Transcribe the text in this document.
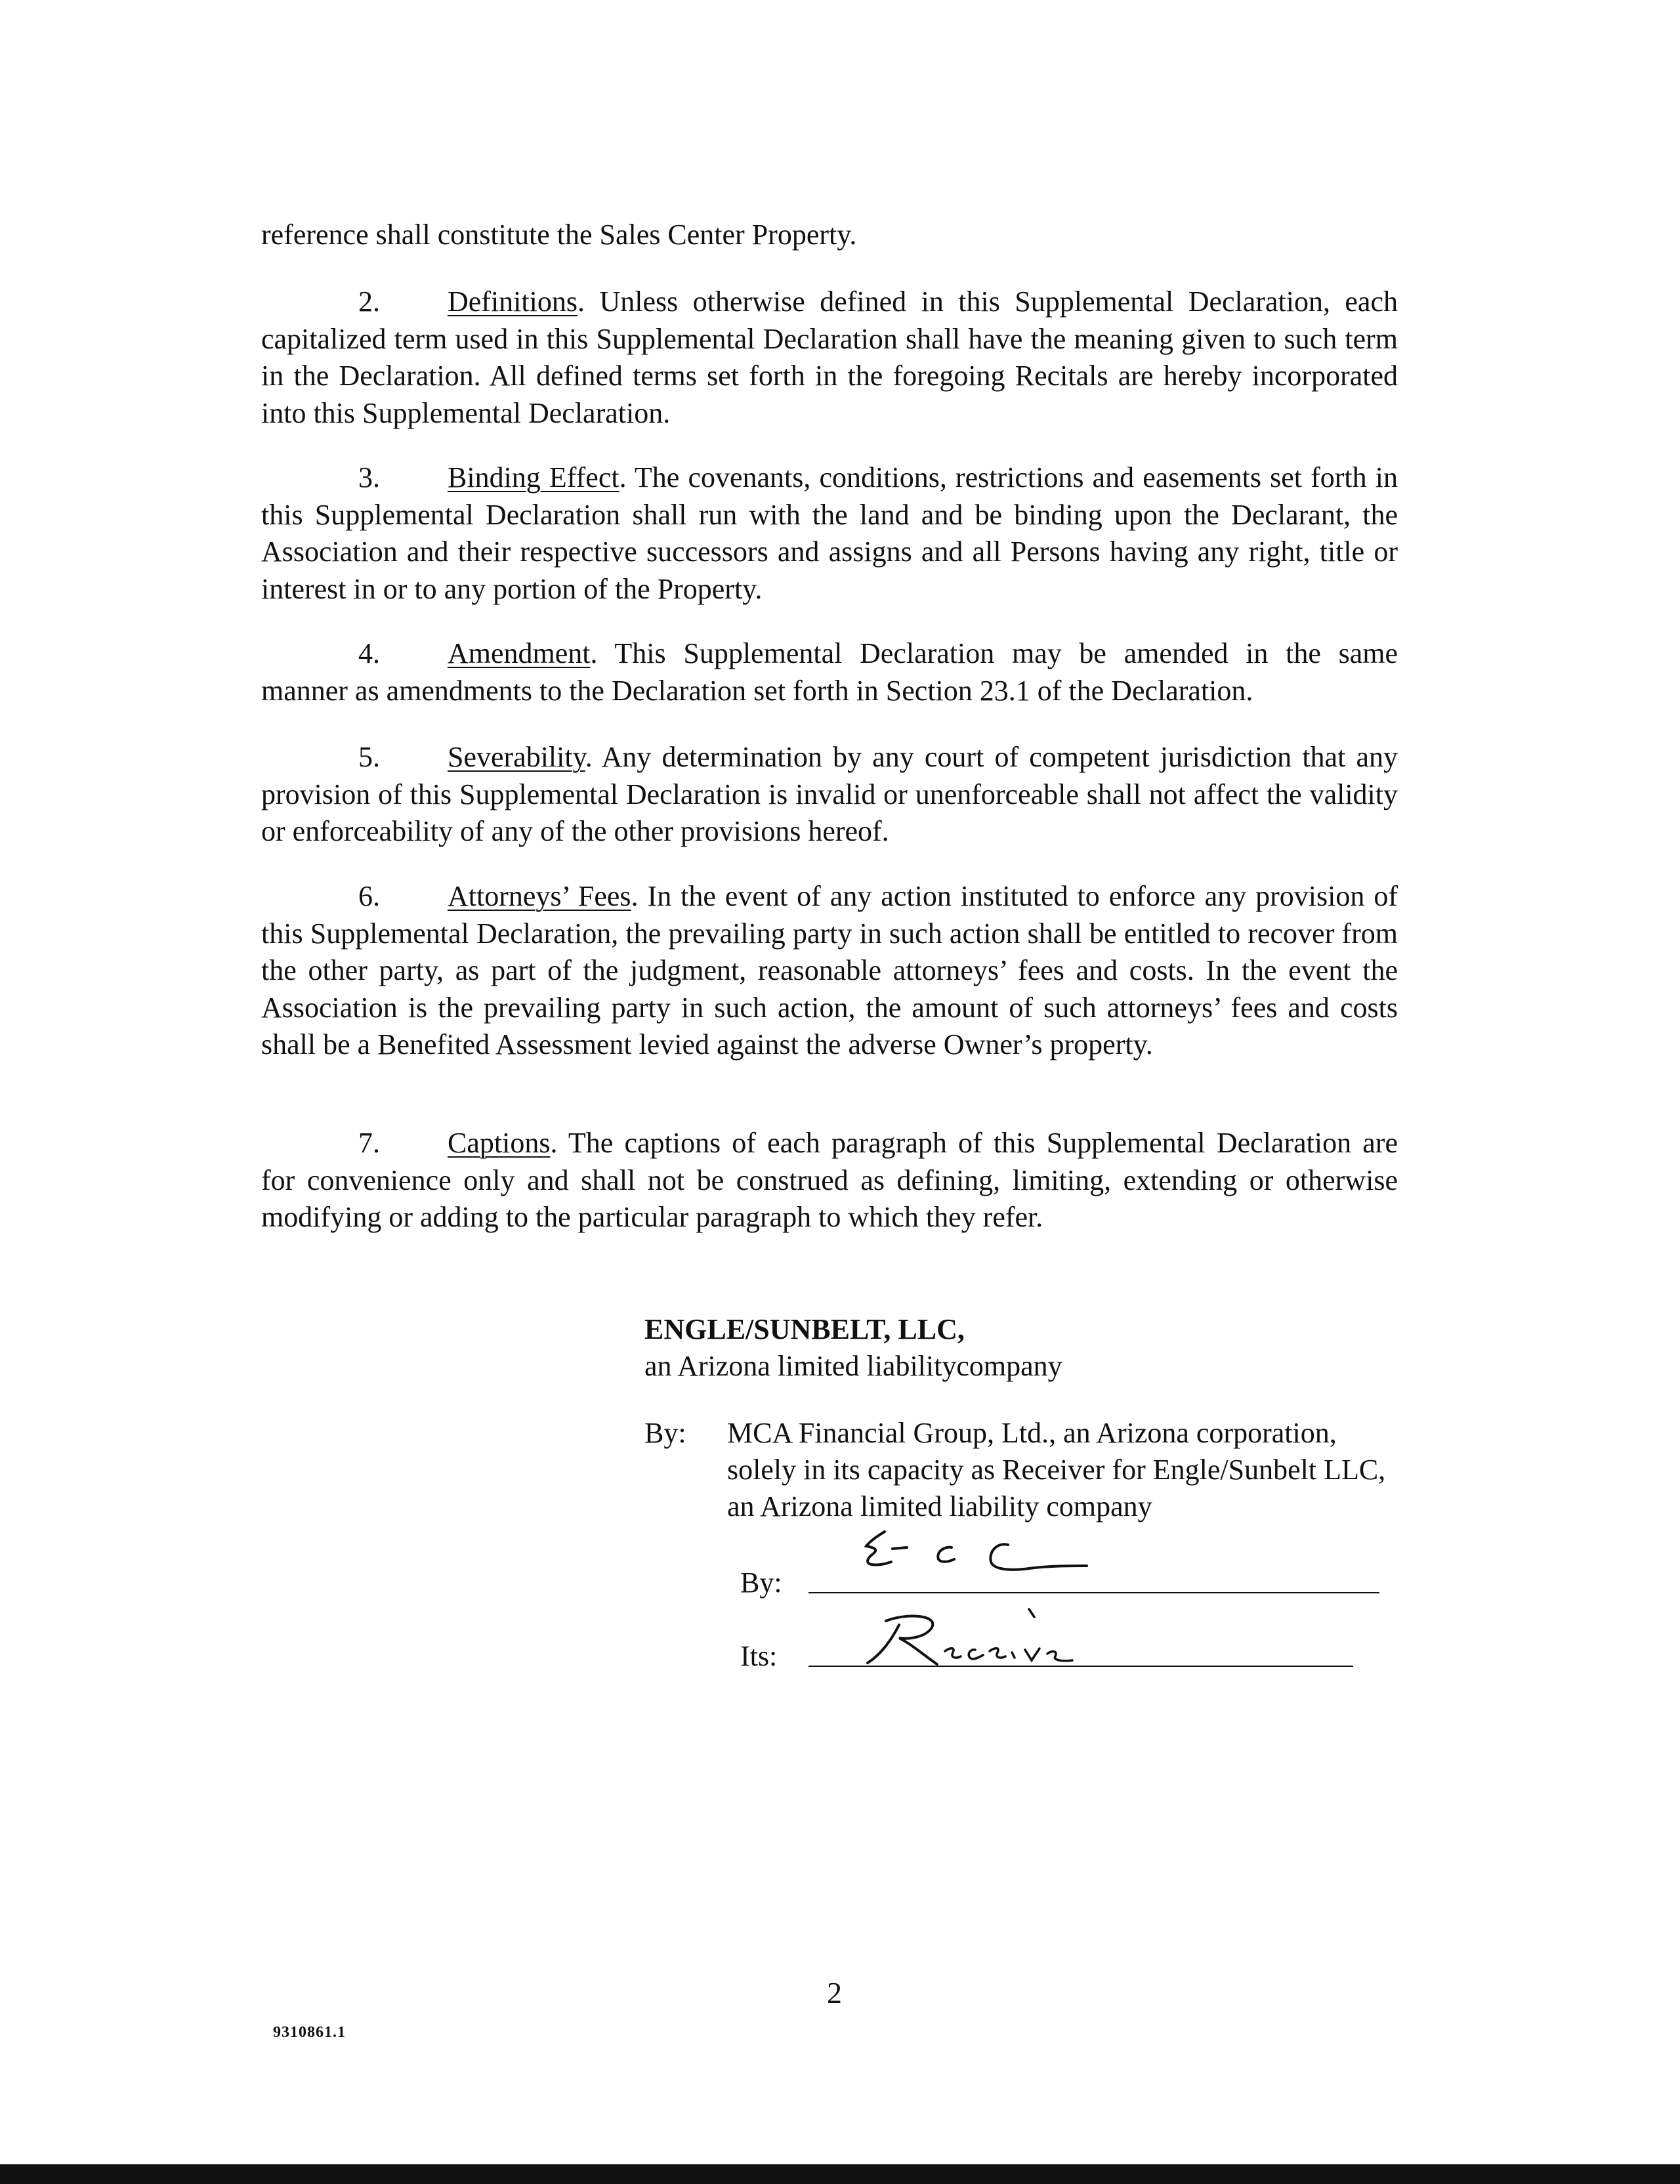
reference shall constitute the Sales Center Property.

2. Definitions. Unless otherwise defined in this Supplemental Declaration, each capitalized term used in this Supplemental Declaration shall have the meaning given to such term in the Declaration. All defined terms set forth in the foregoing Recitals are hereby incorporated into this Supplemental Declaration.

3. Binding Effect. The covenants, conditions, restrictions and easements set forth in this Supplemental Declaration shall run with the land and be binding upon the Declarant, the Association and their respective successors and assigns and all Persons having any right, title or interest in or to any portion of the Property.

4. Amendment. This Supplemental Declaration may be amended in the same manner as amendments to the Declaration set forth in Section 23.1 of the Declaration.

5. Severability. Any determination by any court of competent jurisdiction that any provision of this Supplemental Declaration is invalid or unenforceable shall not affect the validity or enforceability of any of the other provisions hereof.

6. Attorneys’ Fees. In the event of any action instituted to enforce any provision of this Supplemental Declaration, the prevailing party in such action shall be entitled to recover from the other party, as part of the judgment, reasonable attorneys’ fees and costs. In the event the Association is the prevailing party in such action, the amount of such attorneys’ fees and costs shall be a Benefited Assessment levied against the adverse Owner’s property.

7. Captions. The captions of each paragraph of this Supplemental Declaration are for convenience only and shall not be construed as defining, limiting, extending or otherwise modifying or adding to the particular paragraph to which they refer.

ENGLE/SUNBELT, LLC,
an Arizona limited liabilitycompany
By: MCA Financial Group, Ltd., an Arizona corporation, solely in its capacity as Receiver for Engle/Sunbelt LLC, an Arizona limited liability company
By:
Its:
2
9310861.1
